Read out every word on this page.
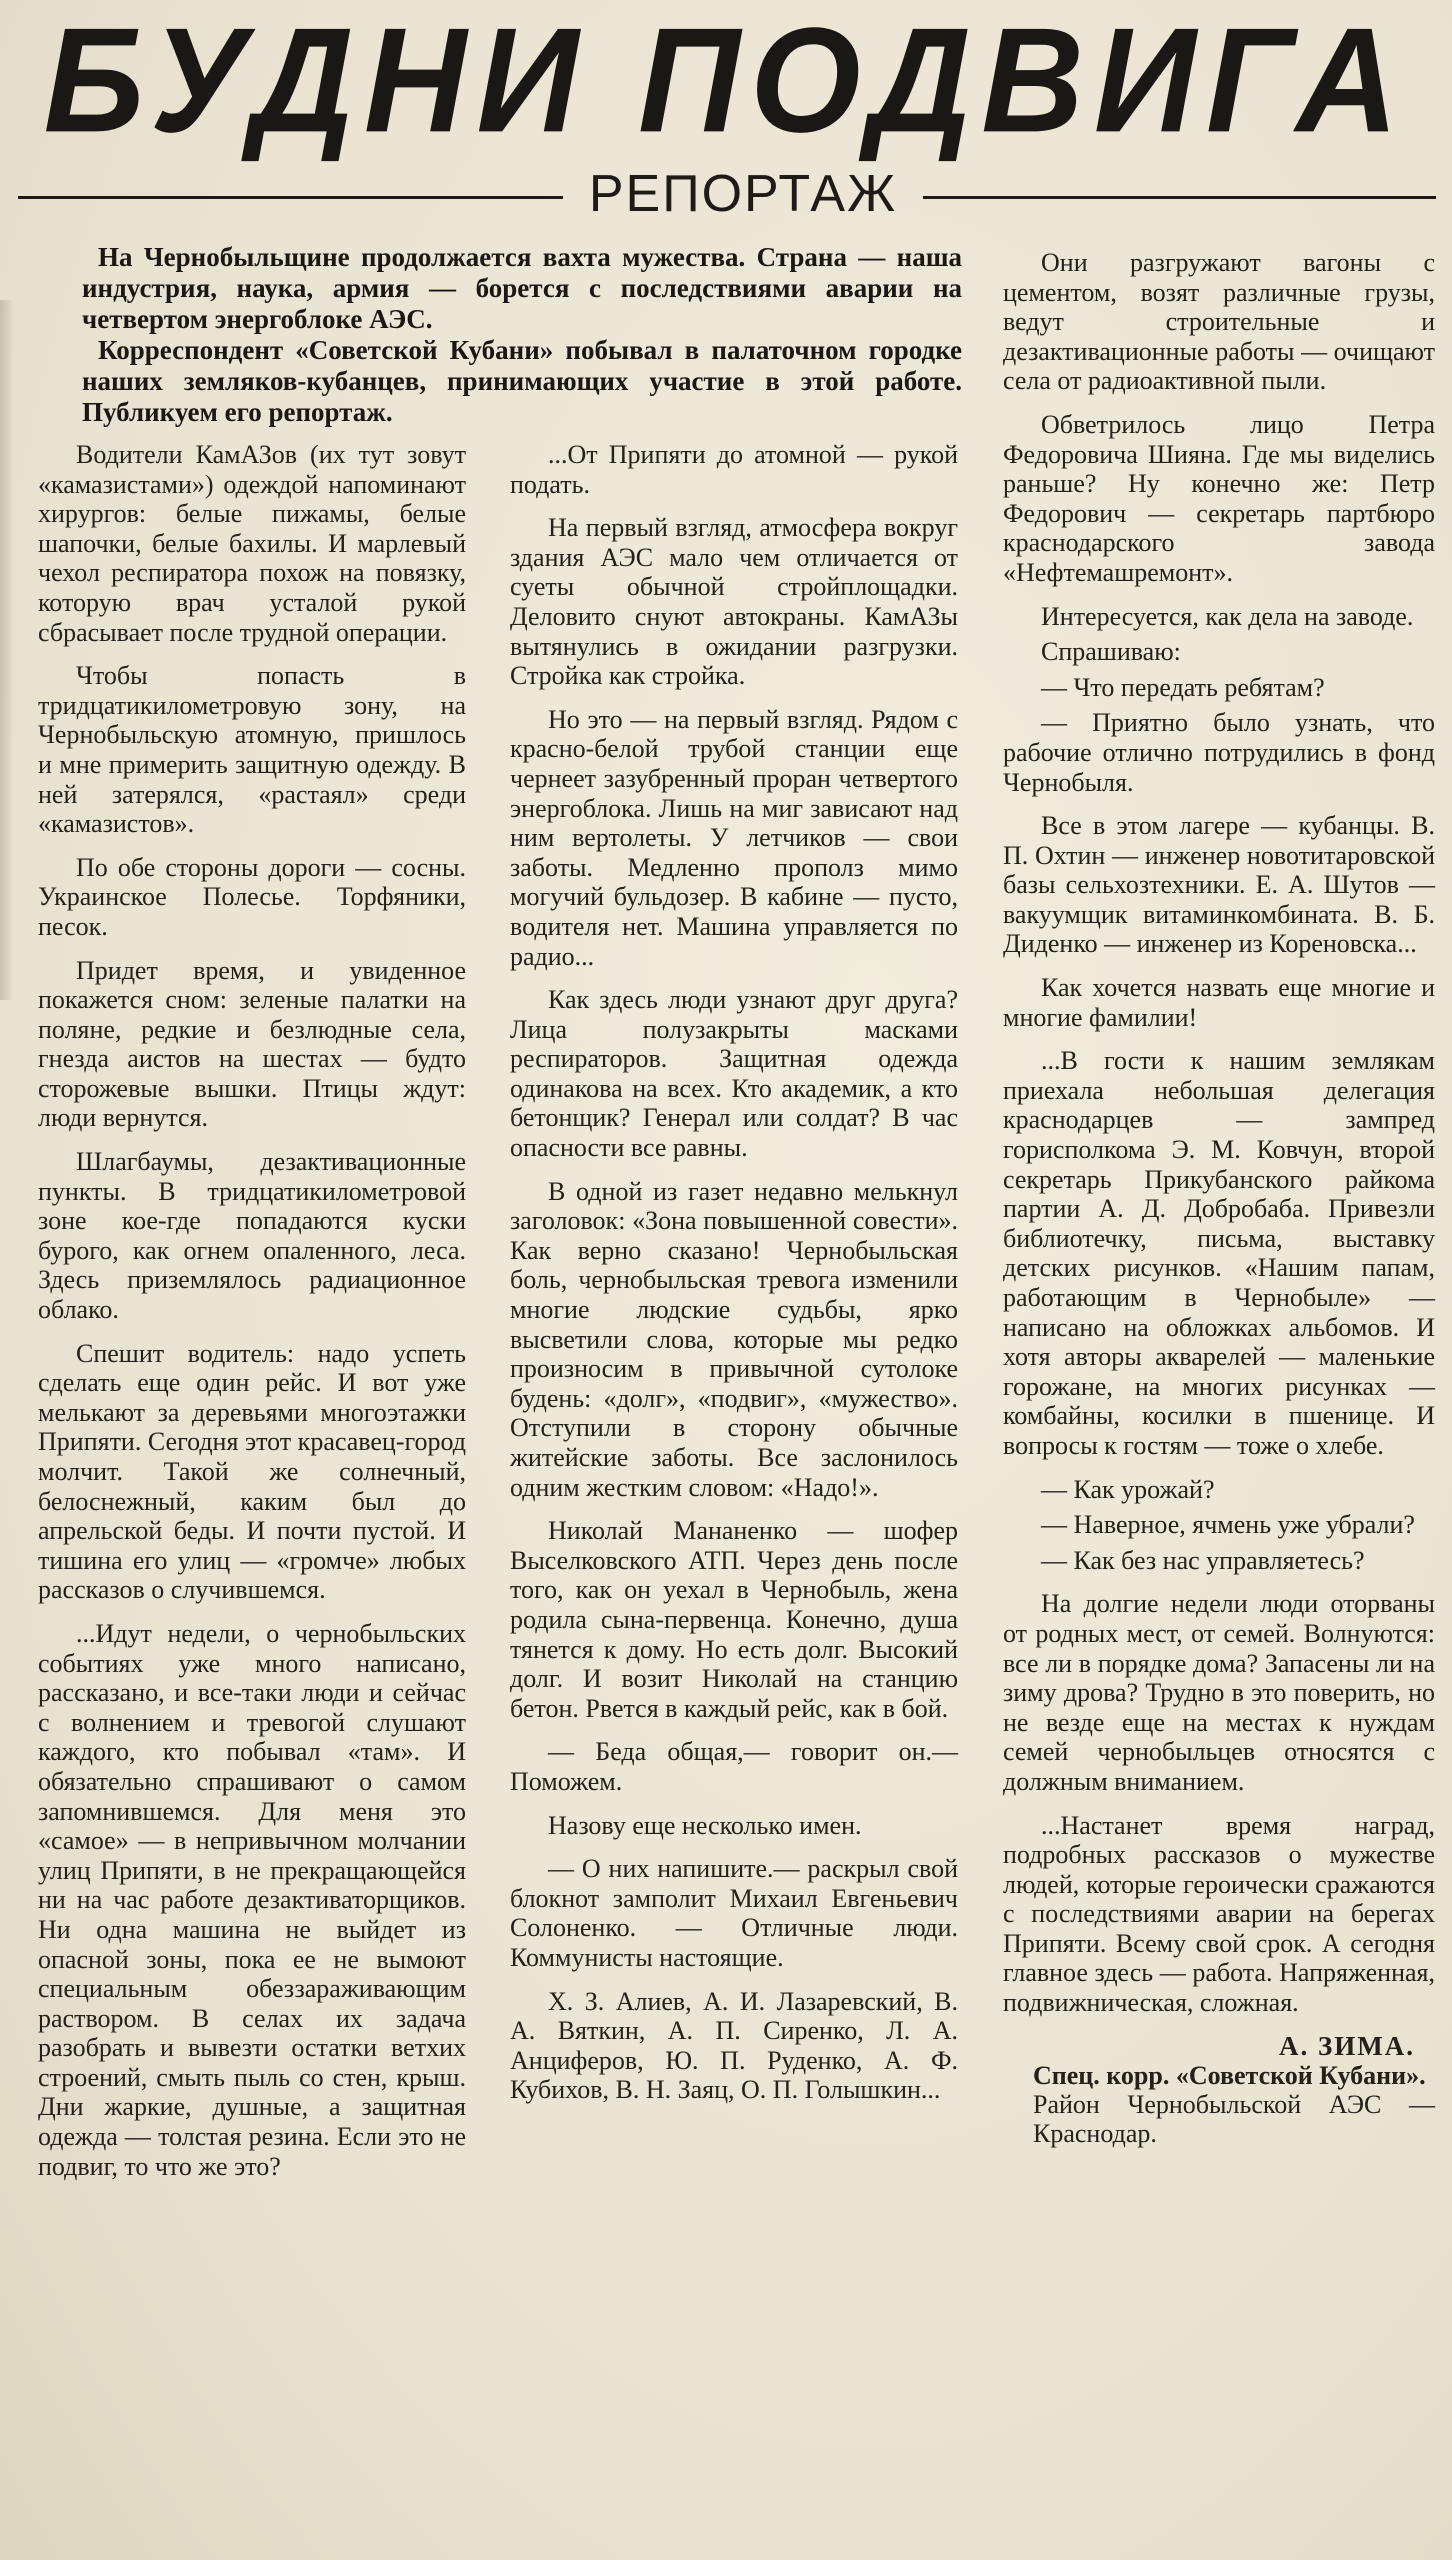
БУДНИ ПОДВИГА
РЕПОРТАЖ

На Чернобыльщине продолжается вахта мужества. Страна — наша индустрия, наука, армия — борется с последствиями аварии на четвертом энергоблоке АЭС.

Корреспондент «Советской Кубани» побывал в палаточном городке наших земляков-кубанцев, принимающих участие в этой работе. Публикуем его репортаж.

Водители КамАЗов (их тут зовут «камазистами») одеждой напоминают хирургов: белые пижамы, белые шапочки, белые бахилы. И марлевый чехол респиратора похож на повязку, которую врач усталой рукой сбрасывает после трудной операции.

Чтобы попасть в тридцатикилометровую зону, на Чернобыльскую атомную, пришлось и мне примерить защитную одежду. В ней затерялся, «растаял» среди «камазистов».

По обе стороны дороги — сосны. Украинское Полесье. Торфяники, песок.

Придет время, и увиденное покажется сном: зеленые палатки на поляне, редкие и безлюдные села, гнезда аистов на шестах — будто сторожевые вышки. Птицы ждут: люди вернутся.

Шлагбаумы, дезактивационные пункты. В тридцатикилометровой зоне кое-где попадаются куски бурого, как огнем опаленного, леса. Здесь приземлялось радиационное облако.

Спешит водитель: надо успеть сделать еще один рейс. И вот уже мелькают за деревьями многоэтажки Припяти. Сегодня этот красавец-город молчит. Такой же солнечный, белоснежный, каким был до апрельской беды. И почти пустой. И тишина его улиц — «громче» любых рассказов о случившемся.

...Идут недели, о чернобыльских событиях уже много написано, рассказано, и все-таки люди и сейчас с волнением и тревогой слушают каждого, кто побывал «там». И обязательно спрашивают о самом запомнившемся. Для меня это «самое» — в непривычном молчании улиц Припяти, в не прекращающейся ни на час работе дезактиваторщиков. Ни одна машина не выйдет из опасной зоны, пока ее не вымоют специальным обеззараживающим раствором. В селах их задача разобрать и вывезти остатки ветхих строений, смыть пыль со стен, крыш. Дни жаркие, душные, а защитная одежда — толстая резина. Если это не подвиг, то что же это?

...От Припяти до атомной — рукой подать.

На первый взгляд, атмосфера вокруг здания АЭС мало чем отличается от суеты обычной стройплощадки. Деловито снуют автокраны. КамАЗы вытянулись в ожидании разгрузки. Стройка как стройка.

Но это — на первый взгляд. Рядом с красно-белой трубой станции еще чернеет зазубренный проран четвертого энергоблока. Лишь на миг зависают над ним вертолеты. У летчиков — свои заботы. Медленно прополз мимо могучий бульдозер. В кабине — пусто, водителя нет. Машина управляется по радио...

Как здесь люди узнают друг друга? Лица полузакрыты масками респираторов. Защитная одежда одинакова на всех. Кто академик, а кто бетонщик? Генерал или солдат? В час опасности все равны.

В одной из газет недавно мелькнул заголовок: «Зона повышенной совести». Как верно сказано! Чернобыльская боль, чернобыльская тревога изменили многие людские судьбы, ярко высветили слова, которые мы редко произносим в привычной сутолоке будень: «долг», «подвиг», «мужество». Отступили в сторону обычные житейские заботы. Все заслонилось одним жестким словом: «Надо!».

Николай Мананенко — шофер Выселковского АТП. Через день после того, как он уехал в Чернобыль, жена родила сына-первенца. Конечно, душа тянется к дому. Но есть долг. Высокий долг. И возит Николай на станцию бетон. Рвется в каждый рейс, как в бой.

— Беда общая,— говорит он.— Поможем.

Назову еще несколько имен.

— О них напишите.— раскрыл свой блокнот замполит Михаил Евгеньевич Солоненко. — Отличные люди. Коммунисты настоящие.

Х. З. Алиев, А. И. Лазаревский, В. А. Вяткин, А. П. Сиренко, Л. А. Анциферов, Ю. П. Руденко, А. Ф. Кубихов, В. Н. Заяц, О. П. Голышкин...

Они разгружают вагоны с цементом, возят различные грузы, ведут строительные и дезактивационные работы — очищают села от радиоактивной пыли.

Обветрилось лицо Петра Федоровича Шияна. Где мы виделись раньше? Ну конечно же: Петр Федорович — секретарь партбюро краснодарского завода «Нефтемашремонт».

Интересуется, как дела на заводе.

Спрашиваю:

— Что передать ребятам?

— Приятно было узнать, что рабочие отлично потрудились в фонд Чернобыля.

Все в этом лагере — кубанцы. В. П. Охтин — инженер новотитаровской базы сельхозтехники. Е. А. Шутов — вакуумщик витаминкомбината. В. Б. Диденко — инженер из Кореновска...

Как хочется назвать еще многие и многие фамилии!

...В гости к нашим землякам приехала небольшая делегация краснодарцев — зампред горисполкома Э. М. Ковчун, второй секретарь Прикубанского райкома партии А. Д. Добробаба. Привезли библиотечку, письма, выставку детских рисунков. «Нашим папам, работающим в Чернобыле» — написано на обложках альбомов. И хотя авторы акварелей — маленькие горожане, на многих рисунках — комбайны, косилки в пшенице. И вопросы к гостям — тоже о хлебе.

— Как урожай?

— Наверное, ячмень уже убрали?

— Как без нас управляетесь?

На долгие недели люди оторваны от родных мест, от семей. Волнуются: все ли в порядке дома? Запасены ли на зиму дрова? Трудно в это поверить, но не везде еще на местах к нуждам семей чернобыльцев относятся с должным вниманием.

...Настанет время наград, подробных рассказов о мужестве людей, которые героически сражаются с последствиями аварии на берегах Припяти. Всему свой срок. А сегодня главное здесь — работа. Напряженная, подвижническая, сложная.

А. ЗИМА.
Спец. корр. «Советской Кубани».
Район Чернобыльской АЭС — Краснодар.
